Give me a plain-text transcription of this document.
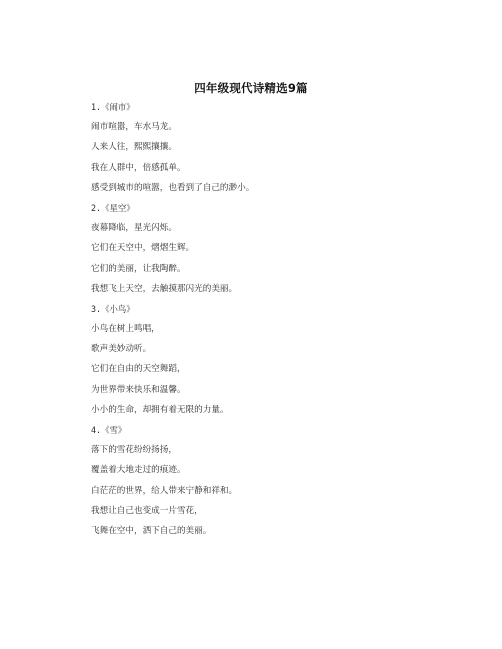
四年级现代诗精选9篇
1.《闹市》
闹市喧嚣，车水马龙。
人来人往，熙熙攘攘。
我在人群中，倍感孤单。
感受到城市的喧嚣，也看到了自己的渺小。
2.《星空》
夜幕降临，星光闪烁。
它们在天空中，熠熠生辉。
它们的美丽，让我陶醉。
我想飞上天空，去触摸那闪光的美丽。
3.《小鸟》
小鸟在树上鸣唱，
歌声美妙动听。
它们在自由的天空舞蹈，
为世界带来快乐和温馨。
小小的生命，却拥有着无限的力量。
4.《雪》
落下的雪花纷纷扬扬，
覆盖着大地走过的痕迹。
白茫茫的世界，给人带来宁静和祥和。
我想让自己也变成一片雪花，
飞舞在空中，洒下自己的美丽。
